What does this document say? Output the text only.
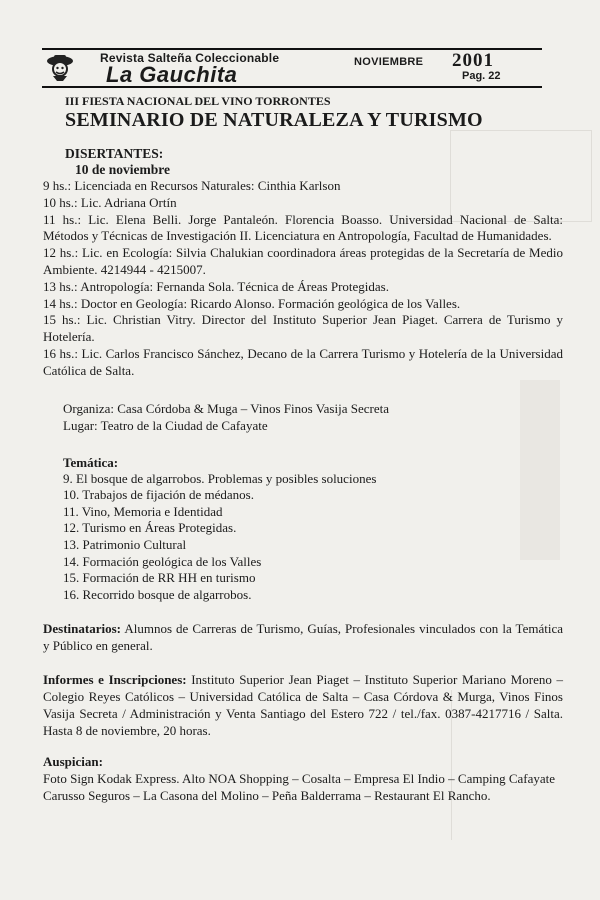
Revista Salteña Coleccionable
La Gauchita	NOVIEMBRE 2001
Pag. 22
III FIESTA NACIONAL DEL VINO TORRONTES
SEMINARIO DE NATURALEZA Y TURISMO
DISERTANTES:
10 de noviembre
9 hs.: Licenciada en Recursos Naturales: Cinthia Karlson
10 hs.: Lic. Adriana Ortín
11 hs.: Lic. Elena Belli. Jorge Pantaleón. Florencia Boasso. Universidad Nacional de Salta: Métodos y Técnicas de Investigación II. Licenciatura en Antropología, Facultad de Humanidades.
12 hs.: Lic. en Ecología: Silvia Chalukian coordinadora áreas protegidas de la Secretaría de Medio Ambiente. 4214944 - 4215007.
13 hs.: Antropología: Fernanda Sola. Técnica de Áreas Protegidas.
14 hs.: Doctor en Geología: Ricardo Alonso. Formación geológica de los Valles.
15 hs.: Lic. Christian Vitry. Director del Instituto Superior Jean Piaget. Carrera de Turismo y Hotelería.
16 hs.: Lic. Carlos Francisco Sánchez, Decano de la Carrera Turismo y Hotelería de la Universidad Católica de Salta.
Organiza: Casa Córdoba & Muga – Vinos Finos Vasija Secreta
Lugar: Teatro de la Ciudad de Cafayate
Temática:
9. El bosque de algarrobos. Problemas y posibles soluciones
10. Trabajos de fijación de médanos.
11. Vino, Memoria e Identidad
12. Turismo en Áreas Protegidas.
13. Patrimonio Cultural
14. Formación geológica de los Valles
15. Formación de RR HH en turismo
16. Recorrido bosque de algarrobos.
Destinatarios: Alumnos de Carreras de Turismo, Guías, Profesionales vinculados con la Temática y Público en general.
Informes e Inscripciones: Instituto Superior Jean Piaget – Instituto Superior Mariano Moreno – Colegio Reyes Católicos – Universidad Católica de Salta – Casa Córdova & Murga, Vinos Finos Vasija Secreta / Administración y Venta Santiago del Estero 722 / tel./fax. 0387-4217716 / Salta. Hasta 8 de noviembre, 20 horas.
Auspician:
Foto Sign Kodak Express. Alto NOA Shopping – Cosalta – Empresa El Indio – Camping Cafayate
Carusso Seguros – La Casona del Molino – Peña Balderrama – Restaurant El Rancho.
